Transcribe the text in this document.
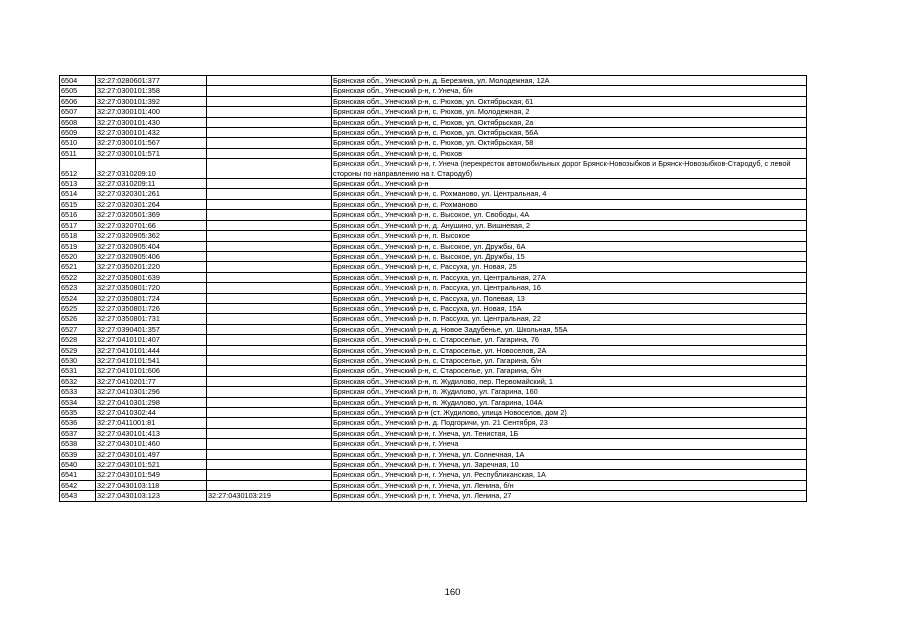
6504	32:27:0280601:377		Брянская обл., Унечский р-н, д. Березина, ул. Молодежная, 12А
6505	32:27:0300101:358		Брянская обл., Унечский р-н, г. Унеча, б/н
6506	32:27:0300101:392		Брянская обл., Унечский р-н, с. Рюхов, ул. Октябрьская, 61
6507	32:27:0300101:400		Брянская обл., Унечский р-н, с. Рюхов, ул. Молодежная, 2
6508	32:27:0300101:430		Брянская обл., Унечский р-н, с. Рюхов, ул. Октябрьская, 2а
6509	32:27:0300101:432		Брянская обл., Унечский р-н, с. Рюхов, ул. Октябрьская, 56А
6510	32:27:0300101:567		Брянская обл., Унечский р-н, с. Рюхов, ул. Октябрьская, 58
6511	32:27:0300101:571		Брянская обл., Унечский р-н, с. Рюхов
6512	32:27:0310209:10		Брянская обл., Унечский р-н, г. Унеча (перекресток автомобильных дорог Брянск-Новозыбков и Брянск-Новозыбков-Стародуб, с левой стороны по направлению на г. Стародуб)
6513	32:27:0310209:11		Брянская обл., Унечский р-н
6514	32:27:0320301:261		Брянская обл., Унечский р-н, с. Рохманово, ул. Центральная, 4
6515	32:27:0320301:264		Брянская обл., Унечский р-н, с. Рохманово
6516	32:27:0320501:369		Брянская обл., Унечский р-н, с. Высокое, ул. Свободы, 4А
6517	32:27:0320701:66		Брянская обл., Унечский р-н, д. Анушино, ул. Вишневая, 2
6518	32:27:0320905:362		Брянская обл., Унечский р-н, п. Высокое
6519	32:27:0320905:404		Брянская обл., Унечский р-н, с. Высокое, ул. Дружбы, 6А
6520	32:27:0320905:406		Брянская обл., Унечский р-н, с. Высокое, ул. Дружбы, 15
6521	32:27:0350201:220		Брянская обл., Унечский р-н, с. Рассуха, ул. Новая, 25
6522	32:27:0350801:639		Брянская обл., Унечский р-н, п. Рассуха, ул. Центральная, 27А
6523	32:27:0350801:720		Брянская обл., Унечский р-н, п. Рассуха, ул. Центральная, 16
6524	32:27:0350801:724		Брянская обл., Унечский р-н, с. Рассуха, ул. Полевая, 13
6525	32:27:0350801:726		Брянская обл., Унечский р-н, с. Рассуха, ул. Новая, 15А
6526	32:27:0350801:731		Брянская обл., Унечский р-н, п. Рассуха, ул. Центральная, 22
6527	32:27:0390401:357		Брянская обл., Унечский р-н, д. Новое Задубенье, ул. Школьная, 55А
6528	32:27:0410101:407		Брянская обл., Унечский р-н, с. Староселье, ул. Гагарина, 76
6529	32:27:0410101:444		Брянская обл., Унечский р-н, с. Староселье, ул. Новоселов, 2А
6530	32:27:0410101:541		Брянская обл., Унечский р-н, с. Староселье, ул. Гагарина, б/н
6531	32:27:0410101:606		Брянская обл., Унечский р-н, с. Староселье, ул. Гагарина, б/н
6532	32:27:0410201:77		Брянская обл., Унечский р-н, п. Жудилово, пер. Первомайский, 1
6533	32:27:0410301:296		Брянская обл., Унечский р-н, п. Жудилово, ул. Гагарина, 160
6534	32:27:0410301:298		Брянская обл., Унечский р-н, п. Жудилово, ул. Гагарина, 104А
6535	32:27:0410302:44		Брянская обл., Унечский р-н (ст. Жудилово, улица Новоселов, дом 2)
6536	32:27:0411001:81		Брянская обл., Унечский р-н, д. Подгоричи, ул. 21 Сентября, 23
6537	32:27:0430101:413		Брянская обл., Унечский р-н, г. Унеча, ул. Тенистая, 1Б
6538	32:27:0430101:460		Брянская обл., Унечский р-н, г. Унеча
6539	32:27:0430101:497		Брянская обл., Унечский р-н, г. Унеча, ул. Солнечная, 1А
6540	32:27:0430101:521		Брянская обл., Унечский р-н, г. Унеча, ул. Заречная, 10
6541	32:27:0430101:549		Брянская обл., Унечский р-н, г. Унеча, ул. Республиканская, 1А
6542	32:27:0430103:118		Брянская обл., Унечский р-н, г. Унеча, ул. Ленина, б/н
6543	32:27:0430103:123	32:27:0430103:219	Брянская обл., Унечский р-н, г. Унеча, ул. Ленина, 27
160
